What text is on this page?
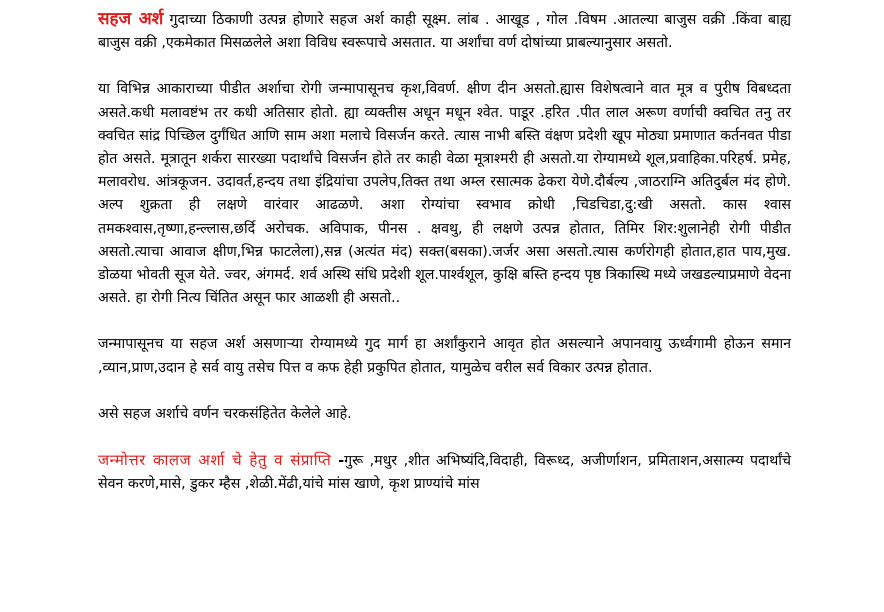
सहज अर्श गुदाच्या ठिकाणी उत्पन्न होणारे सहज अर्श काही सूक्ष्म. लांब . आखूड , गोल .विषम .आतल्या बाजुस वक्री .किंवा बाह्य बाजुस वक्री ,एकमेकात मिसळलेले अशा विविध स्वरूपाचे असतात. या अर्शांचा वर्ण दोषांच्या प्राबल्यानुसार असतो.

या विभिन्न आकाराच्या पीडीत अर्शाचा रोगी जन्मापासूनच कृश,विवर्ण. क्षीण दीन असतो.ह्यास विशेषत्वाने वात मूत्र व पुरीष विबध्दता असते.कधी मलावष्टंभ तर कधी अतिसार होतो. ह्या व्यक्तीस अधून मधून श्वेत. पाडूर .हरित .पीत लाल अरूण वर्णाची क्वचित तनु तर क्वचित सांद्र पिच्छिल दुर्गंधित आणि साम अशा मलाचे विसर्जन करते. त्यास नाभी बस्ति वंक्षण प्रदेशी खूप मोठ्या प्रमाणात कर्तनवत पीडा होत असते. मूत्रातून शर्करा सारख्या पदार्थांचे विसर्जन होते तर काही वेळा मूत्राश्मरी ही असतो.या रोग्यामध्ये शूल,प्रवाहिका.परिहर्ष. प्रमेह, मलावरोध. आंत्रकूजन. उदावर्त,हन्दय तथा इंद्रियांचा उपलेप,तिक्त तथा अम्ल रसात्मक ढेकरा येणे.दौर्बल्य ,जाठराग्नि अतिदुर्बल मंद होणे. अल्प शुक्रता ही लक्षणे वारंवार आढळणे. अशा रोग्यांचा स्वभाव क्रोधी ,चिडचिडा,दु:खी असतो. कास श्वास तमकश्वास,तृष्णा,हन्ल्लास,छर्दि अरोचक. अविपाक, पीनस . क्षवथु, ही लक्षणे उत्पन्न होतात, तिमिर शिर:शुलानेही रोगी पीडीत असतो.त्याचा आवाज क्षीण,भिन्न फाटलेला),सन्न (अत्यंत मंद) सक्त(बसका).जर्जर असा असतो.त्यास कर्णरोगही होतात,हात पाय,मुख. डोळया भोवती सूज येते. ज्वर, अंगमर्द. शर्व अस्थि संधि प्रदेशी शूल.पार्श्वशूल, कुक्षि बस्ति हन्दय पृष्ठ त्रिकास्थि मध्ये जखडल्याप्रमाणे वेदना असते. हा रोगी नित्य चिंतित असून फार आळशी ही असतो..

जन्मापासूनच या सहज अर्श असणाऱ्या रोग्यामध्ये गुद मार्ग हा अर्शांकुराने आवृत होत असल्याने अपानवायु ऊर्ध्वगामी होऊन समान ,व्यान,प्राण,उदान हे सर्व वायु तसेच पित्त व कफ हेही प्रकुपित होतात, यामुळेच वरील सर्व विकार उत्पन्न होतात.

असे सहज अर्शाचे वर्णन चरकसंहितेत केलेले आहे.

जन्मोत्तर कालज अर्शा चे हेतु व संप्राप्ति -गुरू ,मधुर ,शीत अभिष्यंदि,विदाही, विरूध्द, अजीर्णाशन, प्रमिताशन,असात्म्य पदार्थांचे सेवन करणे,मासे, डुकर म्हैस ,शेळी.मेंढी,यांचे मांस खाणे, कृश प्राण्यांचे मांस
